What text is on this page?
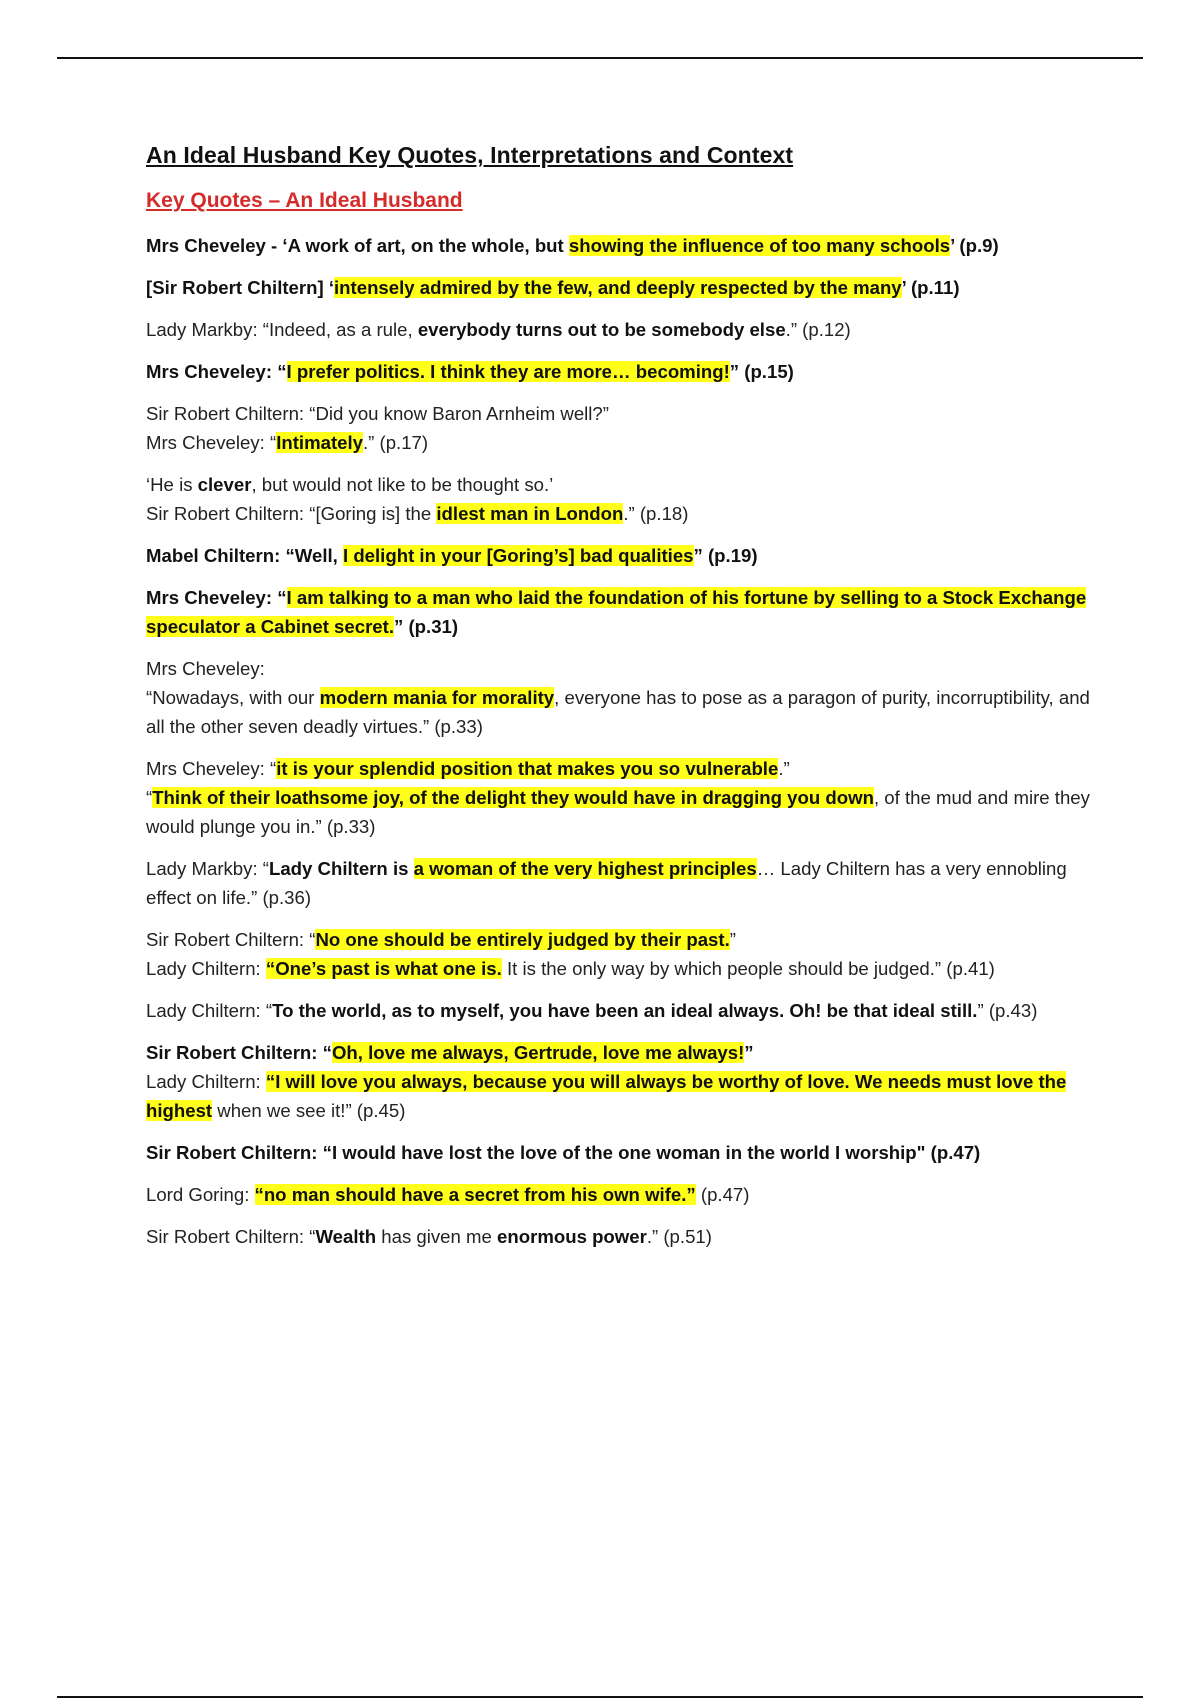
An Ideal Husband Key Quotes, Interpretations and Context
Key Quotes – An Ideal Husband

Mrs Cheveley - ‘A work of art, on the whole, but showing the influence of too many schools’ (p.9)

[Sir Robert Chiltern] ‘intensely admired by the few, and deeply respected by the many’ (p.11)

Lady Markby: “Indeed, as a rule, everybody turns out to be somebody else.” (p.12)

Mrs Cheveley: “I prefer politics. I think they are more… becoming!” (p.15)

Sir Robert Chiltern: “Did you know Baron Arnheim well?”
Mrs Cheveley: “Intimately.” (p.17)

‘He is clever, but would not like to be thought so.’
Sir Robert Chiltern: “[Goring is] the idlest man in London.” (p.18)

Mabel Chiltern: “Well, I delight in your [Goring’s] bad qualities” (p.19)

Mrs Cheveley: “I am talking to a man who laid the foundation of his fortune by selling to a Stock Exchange speculator a Cabinet secret.” (p.31)

Mrs Cheveley:
“Nowadays, with our modern mania for morality, everyone has to pose as a paragon of purity, incorruptibility, and all the other seven deadly virtues.” (p.33)

Mrs Cheveley: “it is your splendid position that makes you so vulnerable.”
“Think of their loathsome joy, of the delight they would have in dragging you down, of the mud and mire they would plunge you in.” (p.33)

Lady Markby: “Lady Chiltern is a woman of the very highest principles… Lady Chiltern has a very ennobling effect on life.” (p.36)

Sir Robert Chiltern: “No one should be entirely judged by their past.”
Lady Chiltern: “One’s past is what one is. It is the only way by which people should be judged.” (p.41)

Lady Chiltern: “To the world, as to myself, you have been an ideal always. Oh! be that ideal still.” (p.43)

Sir Robert Chiltern: “Oh, love me always, Gertrude, love me always!”
Lady Chiltern: “I will love you always, because you will always be worthy of love. We needs must love the highest when we see it!” (p.45)

Sir Robert Chiltern: “I would have lost the love of the one woman in the world I worship" (p.47)

Lord Goring: “no man should have a secret from his own wife.” (p.47)

Sir Robert Chiltern: “Wealth has given me enormous power.” (p.51)
